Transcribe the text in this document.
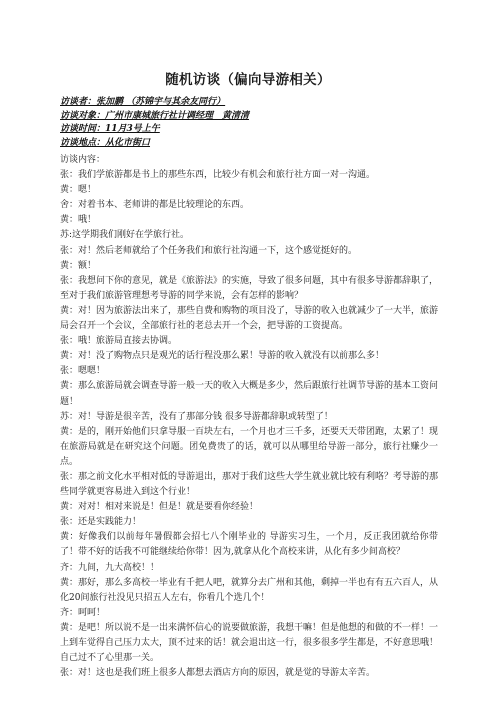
随机访谈（偏向导游相关）
访谈者：张加鹏 （苏锦宇与其余友同行）
访谈对象：广州市康城旅行社计调经理　黄清清
访谈时间：11月3号上午
访谈地点：从化市街口

访谈内容：

张：我们学旅游都是书上的那些东西，比较少有机会和旅行社方面一对一沟通。

黄：嗯！

舍：对着书本、老师讲的都是比较理论的东西。

黄：哦！

苏:这学期我们刚好在学旅行社。

张：对！然后老师就给了个任务我们和旅行社沟通一下，这个感觉挺好的。

黄：额！

张：我想问下你的意见，就是《旅游法》的实施，导致了很多问题，其中有很多导游都辞职了，至对于我们旅游管理想考导游的同学来说，会有怎样的影响？

黄：对！因为旅游法出来了，那些自费和购物的项目没了，导游的收入也就减少了一大半，旅游局会召开一个会议，全部旅行社的老总去开一个会，把导游的工资提高。

张：哦！旅游局直接去协调。

黄：对！没了购物点只是观光的话行程没那么累！导游的收入就没有以前那么多！

张：嗯嗯！

黄：那么旅游局就会调查导游一般一天的收入大概是多少，然后跟旅行社调节导游的基本工资问题！

苏：对！导游是很辛苦，没有了那部分钱 很多导游都辞职或转型了！

黄：是的，刚开始他们只拿导服一百块左右，一个月也才三千多，还要天天带团跑，太累了！现在旅游局就是在研究这个问题。团免费贵了的话，就可以从哪里给导游一部分，旅行社赚少一点。

张：那之前文化水平相对低的导游退出，那对于我们这些大学生就业就比较有利咯？考导游的那些同学就更容易进入到这个行业！

黄：对对！相对来说是！但是！就是要看你经验！

张：还是实践能力！

黄：好像我们以前每年暑假都会招七八个刚毕业的 导游实习生，一个月，反正我团就给你带了！带不好的话我不可能继续给你带！因为,就拿从化个高校来讲，从化有多少间高校？

齐：九间，九大高校！！

黄：那好，那么多高校一毕业有千把人吧，就算分去广州和其他，剩掉一半也有有五六百人，从化20间旅行社没见只招五人左右，你看几个选几个！

齐：呵呵！

黄：是吧！所以说不是一出来满怀信心的说要做旅游，我想干嘛！但是他想的和做的不一样！一上到车觉得自己压力太大，顶不过来的话！就会退出这一行，很多很多学生都是，不好意思哦！自己过不了心里那一关。

张：对！这也是我们班上很多人都想去酒店方向的原因，就是觉的导游太辛苦。
